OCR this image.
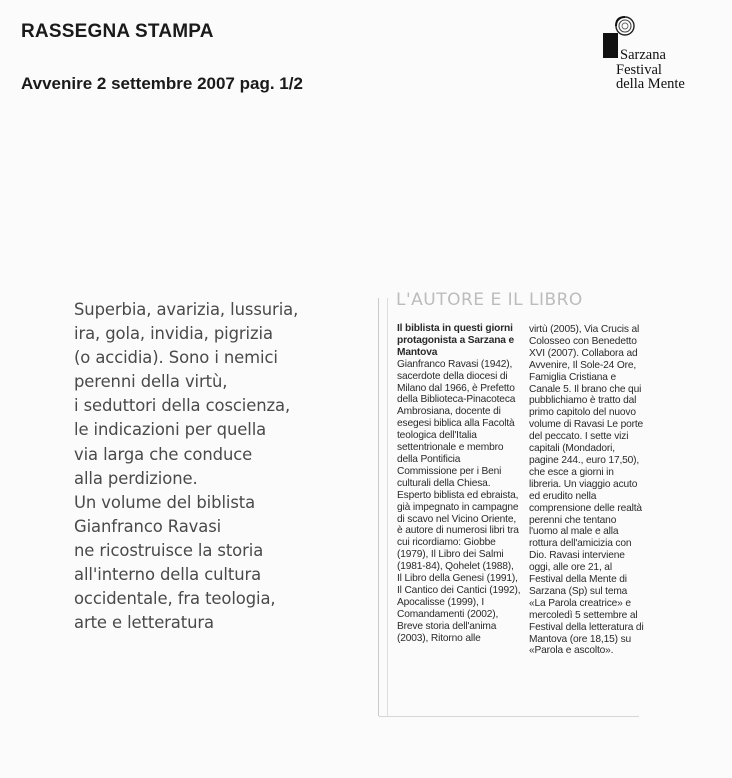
RASSEGNA STAMPA

Avvenire 2 settembre 2007 pag. 1/2

Sarzana
Festival
della Mente
Superbia, avarizia, lussuria,
ira, gola, invidia, pigrizia
(o accidia). Sono i nemici
perenni della virtù,
i seduttori della coscienza,
le indicazioni per quella
via larga che conduce
alla perdizione.
Un volume del biblista
Gianfranco Ravasi
ne ricostruisce la storia
all'interno della cultura
occidentale, fra teologia,
arte e letteratura
L'AUTORE E IL LIBRO

Il biblista in questi giorni protagonista a Sarzana e Mantova

Gianfranco Ravasi (1942), sacerdote della diocesi di Milano dal 1966, è Prefetto della Biblioteca-Pinacoteca Ambrosiana, docente di esegesi biblica alla Facoltà teologica dell'Italia settentrionale e membro della Pontificia Commissione per i Beni culturali della Chiesa. Esperto biblista ed ebraista, già impegnato in campagne di scavo nel Vicino Oriente, è autore di numerosi libri tra cui ricordiamo: Giobbe (1979), Il Libro dei Salmi (1981-84), Qohelet (1988), Il Libro della Genesi (1991), Il Cantico dei Cantici (1992), Apocalisse (1999), I Comandamenti (2002), Breve storia dell'anima (2003), Ritorno alle

virtù (2005), Via Crucis al Colosseo con Benedetto XVI (2007). Collabora ad Avvenire, Il Sole-24 Ore, Famiglia Cristiana e Canale 5. Il brano che qui pubblichiamo è tratto dal primo capitolo del nuovo volume di Ravasi Le porte del peccato. I sette vizi capitali (Mondadori, pagine 244., euro 17,50), che esce a giorni in libreria. Un viaggio acuto ed erudito nella comprensione delle realtà perenni che tentano l'uomo al male e alla rottura dell'amicizia con Dio. Ravasi interviene oggi, alle ore 21, al Festival della Mente di Sarzana (Sp) sul tema «La Parola creatrice» e mercoledì 5 settembre al Festival della letteratura di Mantova (ore 18,15) su «Parola e ascolto».
